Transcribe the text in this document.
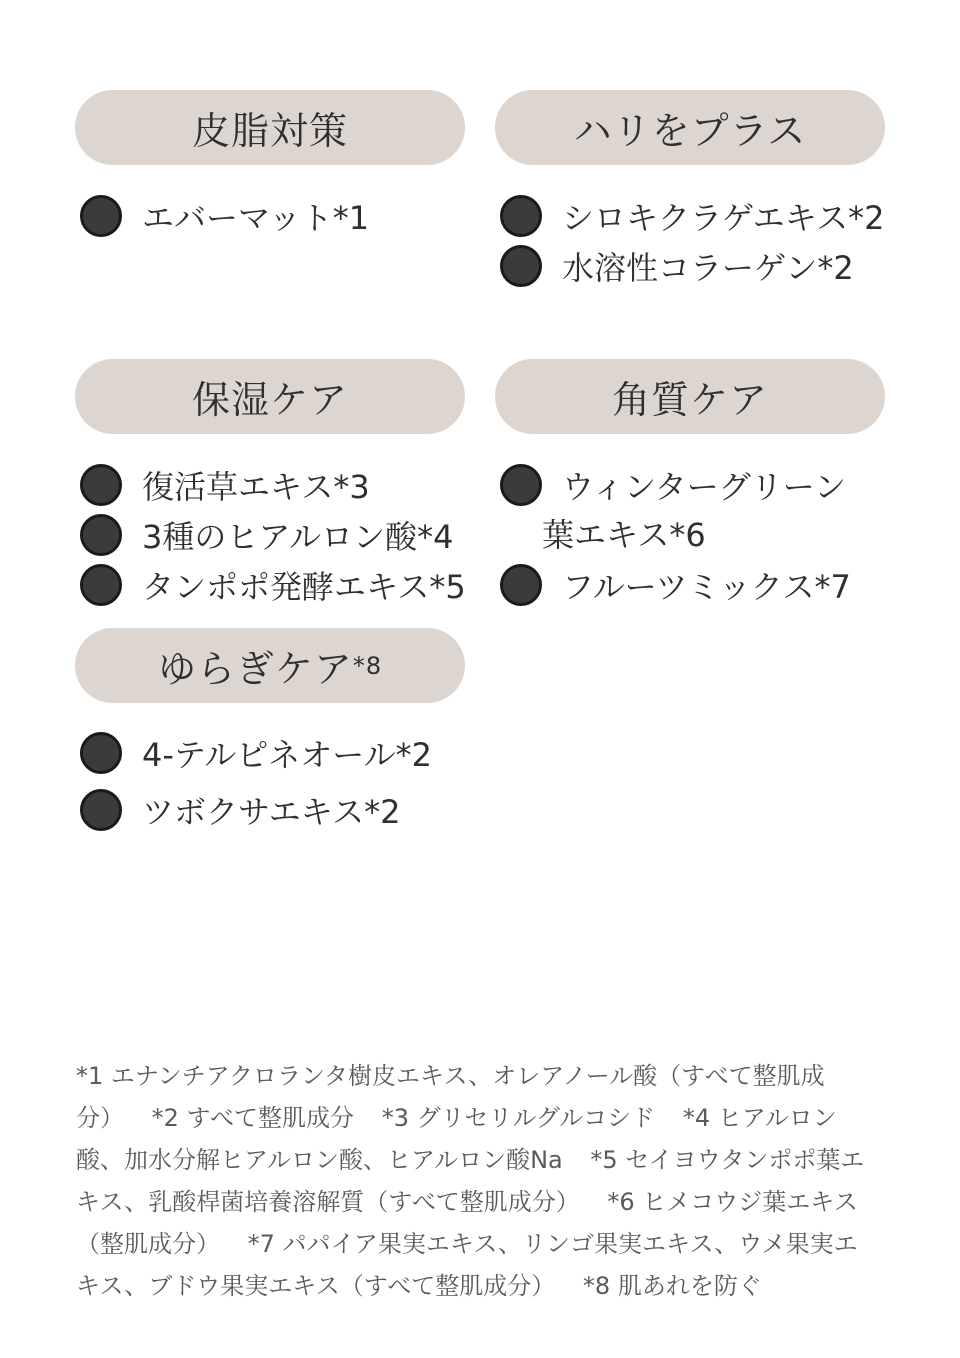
皮脂対策
エバーマット*1
ハリをプラス
シロキクラゲエキス*2
水溶性コラーゲン*2
保湿ケア
復活草エキス*3
3種のヒアルロン酸*4
タンポポ発酵エキス*5
角質ケア
ウィンターグリーン
葉エキス*6
フルーツミックス*7
ゆらぎケア *8
4-テルピネオール*2
ツボクサエキス*2
*1 エナンチアクロランタ樹皮エキス、オレアノール酸（すべて整肌成分） *2 すべて整肌成分 *3 グリセリルグルコシド *4 ヒアルロン酸、加水分解ヒアルロン酸、ヒアルロン酸Na *5 セイヨウタンポポ葉エキス、乳酸桿菌培養溶解質（すべて整肌成分） *6 ヒメコウジ葉エキス（整肌成分） *7 パパイア果実エキス、リンゴ果実エキス、ウメ果実エキス、ブドウ果実エキス（すべて整肌成分） *8 肌あれを防ぐ
